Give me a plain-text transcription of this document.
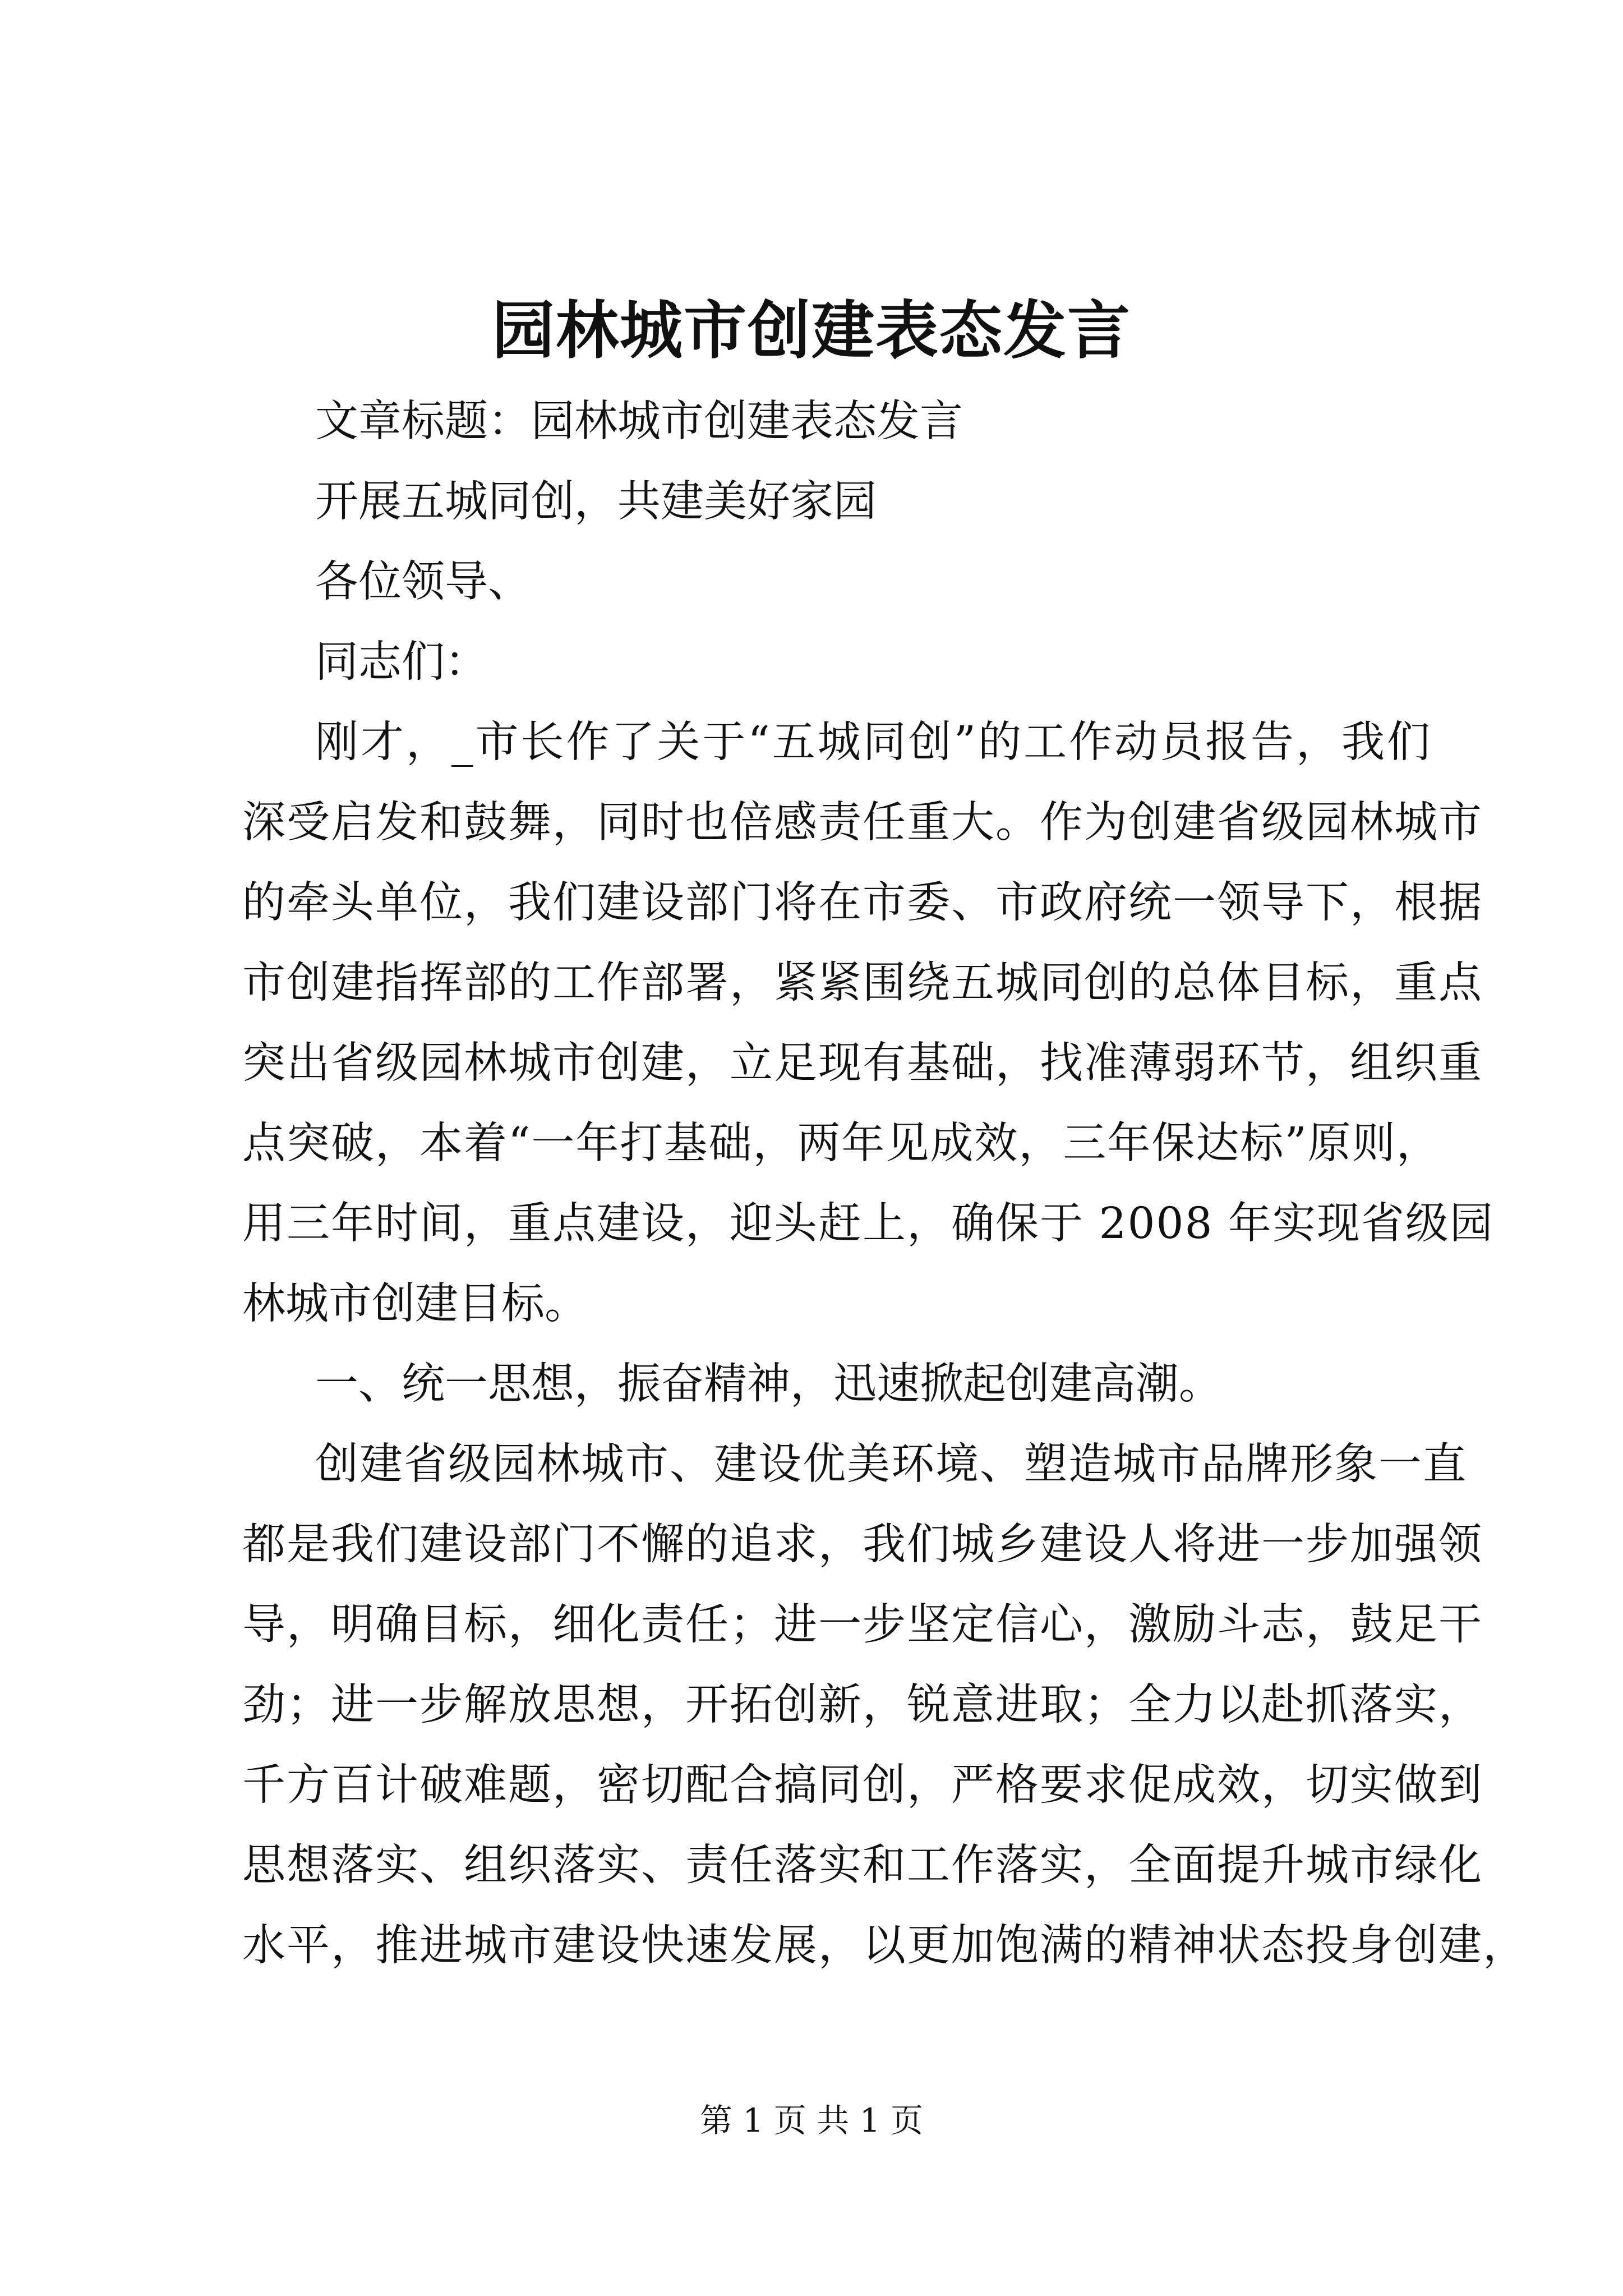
园林城市创建表态发言

文章标题：园林城市创建表态发言

开展五城同创，共建美好家园

各位领导、

同志们：

刚才，_市长作了关于“五城同创”的工作动员报告，我们

深受启发和鼓舞，同时也倍感责任重大。作为创建省级园林城市

的牵头单位，我们建设部门将在市委、市政府统一领导下，根据

市创建指挥部的工作部署，紧紧围绕五城同创的总体目标，重点

突出省级园林城市创建，立足现有基础，找准薄弱环节，组织重

点突破，本着“一年打基础，两年见成效，三年保达标”原则，

用三年时间，重点建设，迎头赶上，确保于 2008 年实现省级园

林城市创建目标。

一、统一思想，振奋精神，迅速掀起创建高潮。

创建省级园林城市、建设优美环境、塑造城市品牌形象一直

都是我们建设部门不懈的追求，我们城乡建设人将进一步加强领

导，明确目标，细化责任；进一步坚定信心，激励斗志，鼓足干

劲；进一步解放思想，开拓创新，锐意进取；全力以赴抓落实，

千方百计破难题，密切配合搞同创，严格要求促成效，切实做到

思想落实、组织落实、责任落实和工作落实，全面提升城市绿化

水平，推进城市建设快速发展，以更加饱满的精神状态投身创建，

第 1 页 共 1 页
